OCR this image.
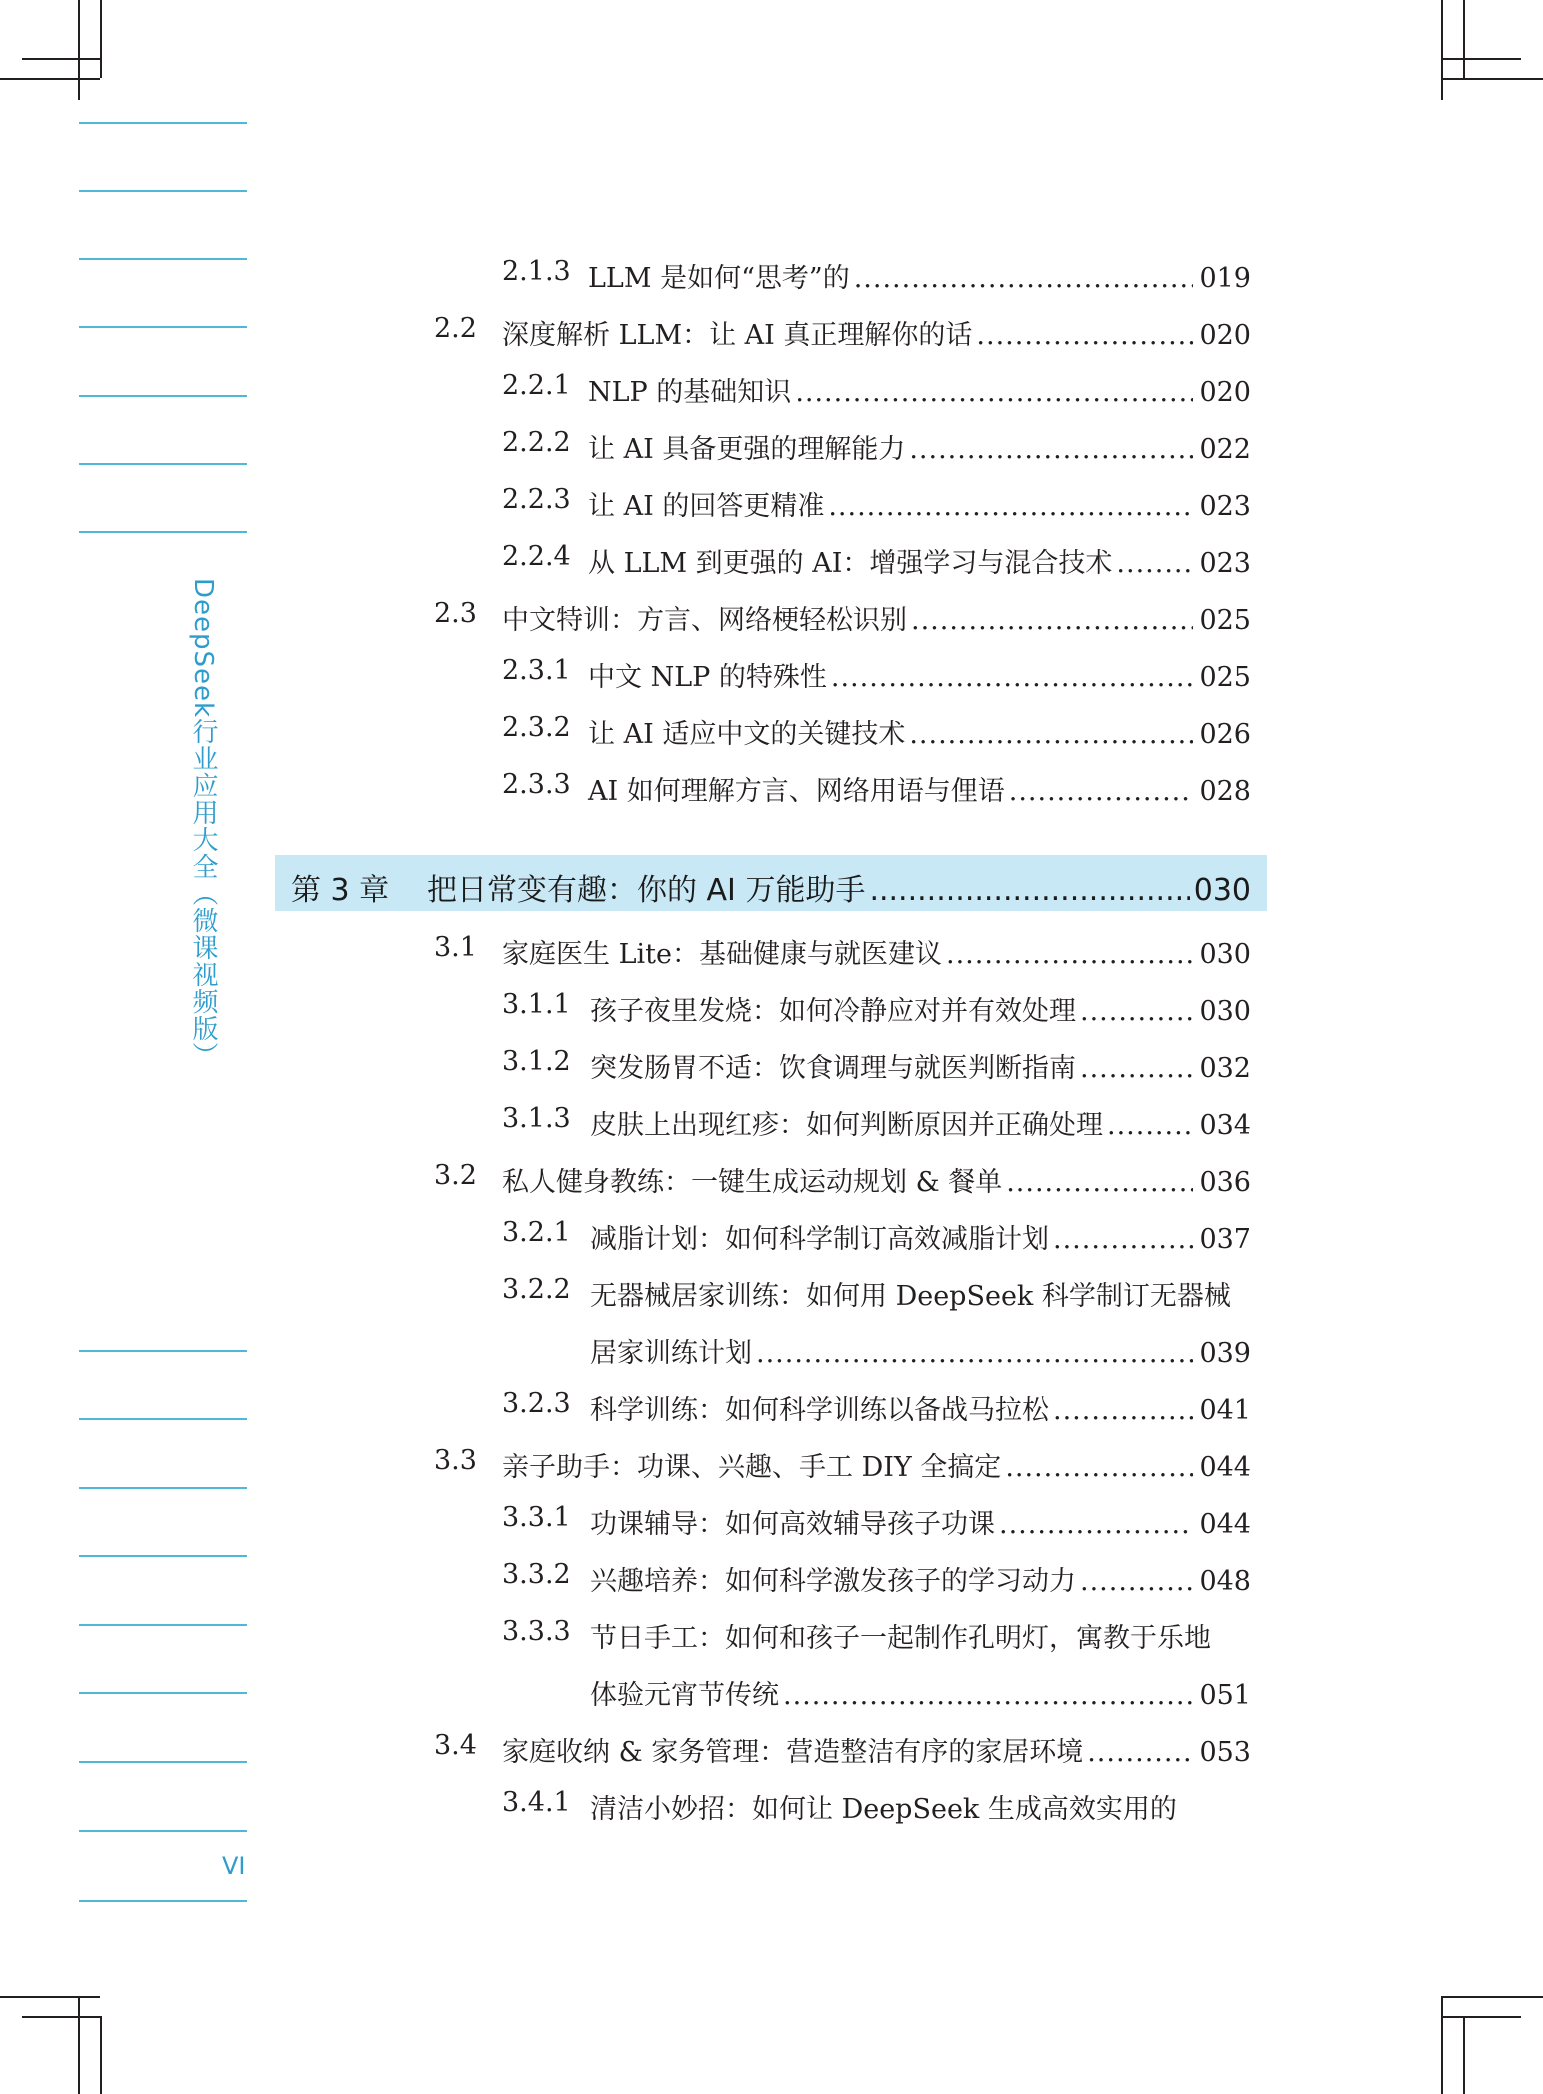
DeepSeek行业应用大全（微课视频版）
VI
2.1.3 LLM 是如何“思考”的 .....	019
2.2 深度解析 LLM：让 AI 真正理解你的话 .....	020
2.2.1 NLP 的基础知识 .....	020
2.2.2 让 AI 具备更强的理解能力 .....	022
2.2.3 让 AI 的回答更精准 .....	023
2.2.4 从 LLM 到更强的 AI：增强学习与混合技术 .....	023
2.3 中文特训：方言、网络梗轻松识别 .....	025
2.3.1 中文 NLP 的特殊性 .....	025
2.3.2 让 AI 适应中文的关键技术 .....	026
2.3.3 AI 如何理解方言、网络用语与俚语 .....	028
第 3 章 把日常变有趣：你的 AI 万能助手 .....	030
3.1 家庭医生 Lite：基础健康与就医建议 .....	030
3.1.1 孩子夜里发烧：如何冷静应对并有效处理 .....	030
3.1.2 突发肠胃不适：饮食调理与就医判断指南 .....	032
3.1.3 皮肤上出现红疹：如何判断原因并正确处理 .....	034
3.2 私人健身教练：一键生成运动规划 & 餐单 .....	036
3.2.1 减脂计划：如何科学制订高效减脂计划 .....	037
3.2.2 无器械居家训练：如何用 DeepSeek 科学制订无器械
居家训练计划 .....	039
3.2.3 科学训练：如何科学训练以备战马拉松 .....	041
3.3 亲子助手：功课、兴趣、手工 DIY 全搞定 .....	044
3.3.1 功课辅导：如何高效辅导孩子功课 .....	044
3.3.2 兴趣培养：如何科学激发孩子的学习动力 .....	048
3.3.3 节日手工：如何和孩子一起制作孔明灯，寓教于乐地
体验元宵节传统 .....	051
3.4 家庭收纳 & 家务管理：营造整洁有序的家居环境 .....	053
3.4.1 清洁小妙招：如何让 DeepSeek 生成高效实用的
